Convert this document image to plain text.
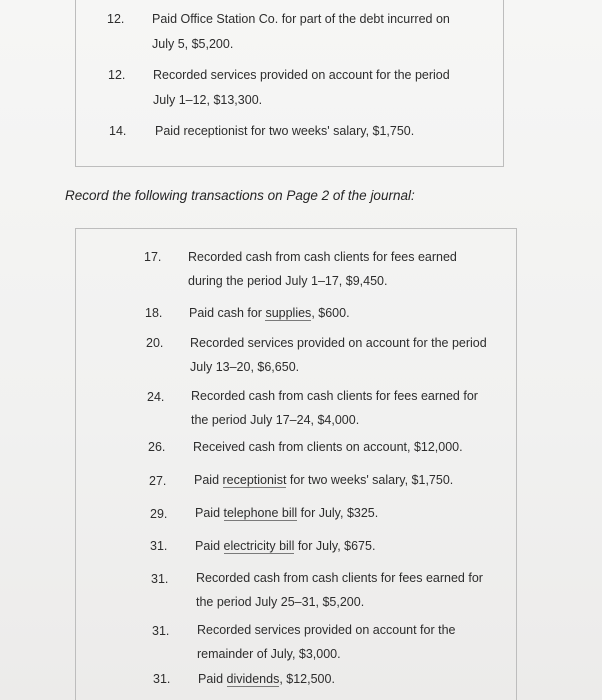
12. Paid Office Station Co. for part of the debt incurred on
July 5, $5,200.
12. Recorded services provided on account for the period
July 1–12, $13,300.
14. Paid receptionist for two weeks' salary, $1,750.
Record the following transactions on Page 2 of the journal:
17. Recorded cash from cash clients for fees earned
during the period July 1–17, $9,450.
18. Paid cash for supplies, $600.
20. Recorded services provided on account for the period
July 13–20, $6,650.
24. Recorded cash from cash clients for fees earned for
the period July 17–24, $4,000.
26. Received cash from clients on account, $12,000.
27. Paid receptionist for two weeks' salary, $1,750.
29. Paid telephone bill for July, $325.
31. Paid electricity bill for July, $675.
31. Recorded cash from cash clients for fees earned for
the period July 25–31, $5,200.
31. Recorded services provided on account for the
remainder of July, $3,000.
31. Paid dividends, $12,500.
